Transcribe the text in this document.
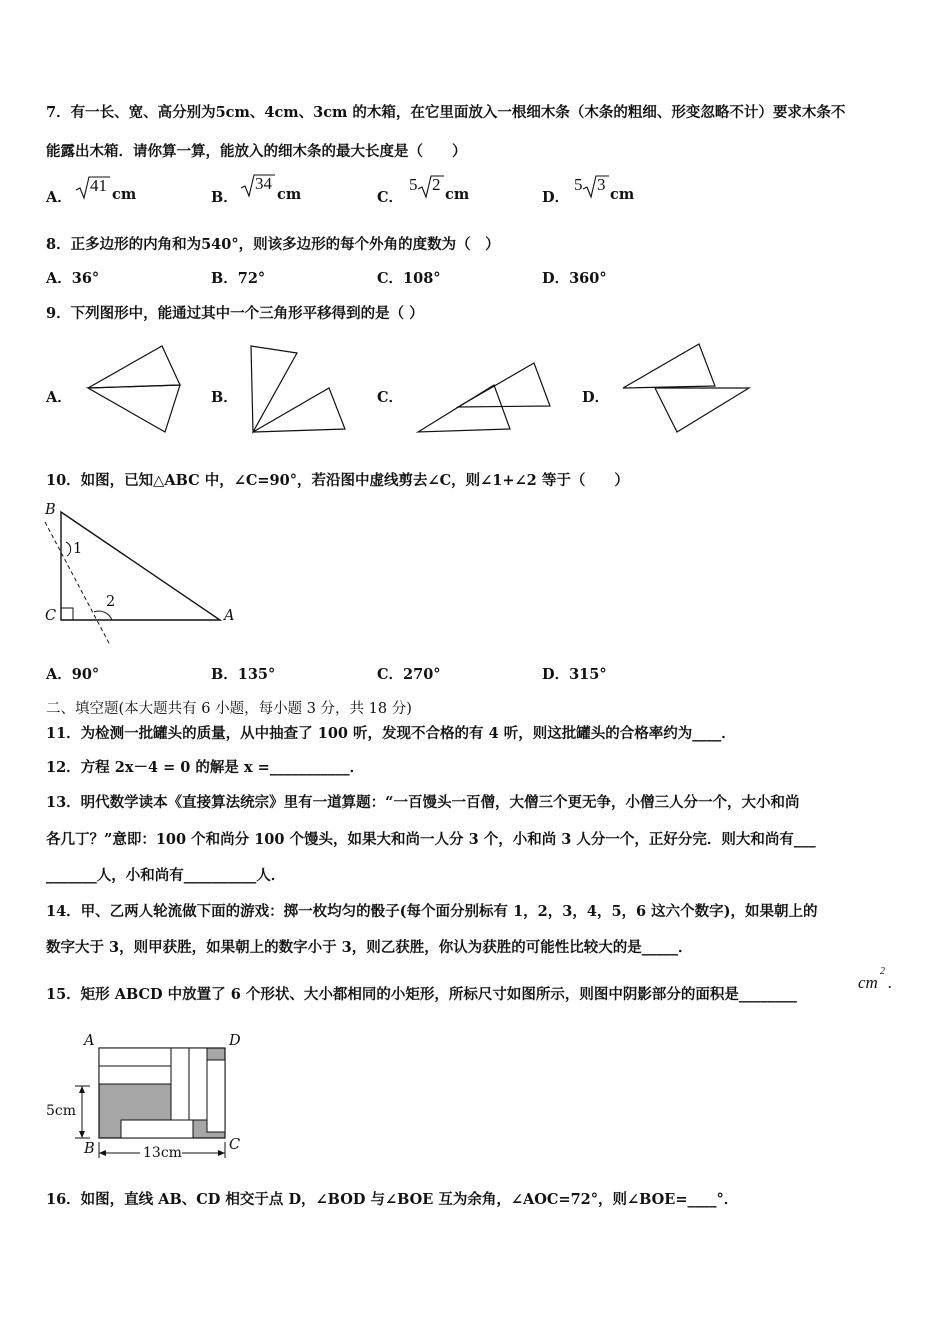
7．有一长、宽、高分别为5cm、4cm、3cm 的木箱，在它里面放入一根细木条（木条的粗细、形变忽略不计）要求木条不
能露出木箱．请你算一算，能放入的细木条的最大长度是（　　）
A．
41 cm	B．
34
cm	C．
5 2
cm	D．
5 3
cm
8．正多边形的内角和为540°，则该多边形的每个外角的度数为（　）
A．36°	B．72°	C．108°	D．360°
9．下列图形中，能通过其中一个三角形平移得到的是（ ）
A．	B．	C．	D．
10．如图，已知△ABC 中，∠C=90°，若沿图中虚线剪去∠C，则∠1+∠2 等于（　　）
B
C	A
1
2
A．90°	B．135°	C．270°	D．315°
二、填空题(本大题共有 6 小题，每小题 3 分，共 18 分)
11．为检测一批罐头的质量，从中抽查了 100 听，发现不合格的有 4 听，则这批罐头的合格率约为____．
12．方程 2x－4 = 0 的解是 x =___________．
13．明代数学读本《直接算法统宗》里有一道算题：“一百馒头一百僧，大僧三个更无争，小僧三人分一个，大小和尚
各几丁？”意即：100 个和尚分 100 个馒头，如果大和尚一人分 3 个，小和尚 3 人分一个，正好分完．则大和尚有___
_______人，小和尚有__________人．
14．甲、乙两人轮流做下面的游戏：掷一枚均匀的骰子(每个面分别标有 1，2，3，4，5，6 这六个数字)，如果朝上的
数字大于 3，则甲获胜，如果朝上的数字小于 3，则乙获胜，你认为获胜的可能性比较大的是_____．
15．矩形 ABCD 中放置了 6 个形状、大小都相同的小矩形，所标尺寸如图所示，则图中阴影部分的面积是________
cm
2
.
A	D
B	C
5cm
13cm
16．如图，直线 AB、CD 相交于点 D，∠BOD 与∠BOE 互为余角，∠AOC=72°，则∠BOE=____°．
